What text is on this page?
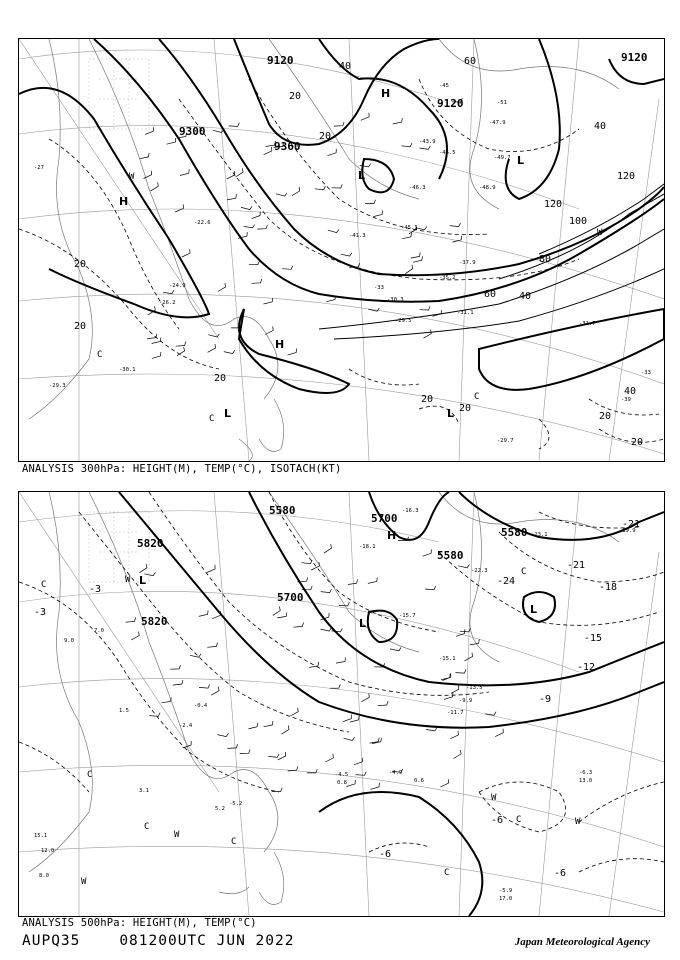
9120
9120
9120
9300
9360
20
20
20
20
20
20
20
20
20
40
40
40
40
60
60
80
100
120
120
-27
-29.7
-29.5
-31.1
-31.7
-30.3
-33
-35.2
-37.9
-41.3
-43.9
-45.1
-46.3
-46.5
-47.9
-48.9
-49.7
-51
-45
-39
-33
-29.3
-30.1
-24.9
-26.2
-22.6
H
H
H
L
L
L	L
W
W
C
C
C
ANALYSIS 300hPa: HEIGHT(M), TEMP(°C), ISOTACH(KT)
5820
5820
5700
5700
5580
5580
5580
-3
-3
-6
-6
-6
-9
-12
-15
-18
-21
-21
-24
15.1
12.0
8.0
9.0
7.0
5.2
3.1
1.5
-0.4
-2.4
-4.5	-4.9
-5.2
-5.9
-6.3
-9.9
-11.7
-13.5
-15.1
-16.3
-18.1
-19.9
-22.3
-23.1
-15.7
13.0
17.0
0.6
0.8
H
L
L
L
W
W
W
W
W
C
C
C
C
C
C
C
ANALYSIS 500hPa: HEIGHT(M), TEMP(°C)
AUPQ35	081200UTC JUN 2022	Japan Meteorological Agency
